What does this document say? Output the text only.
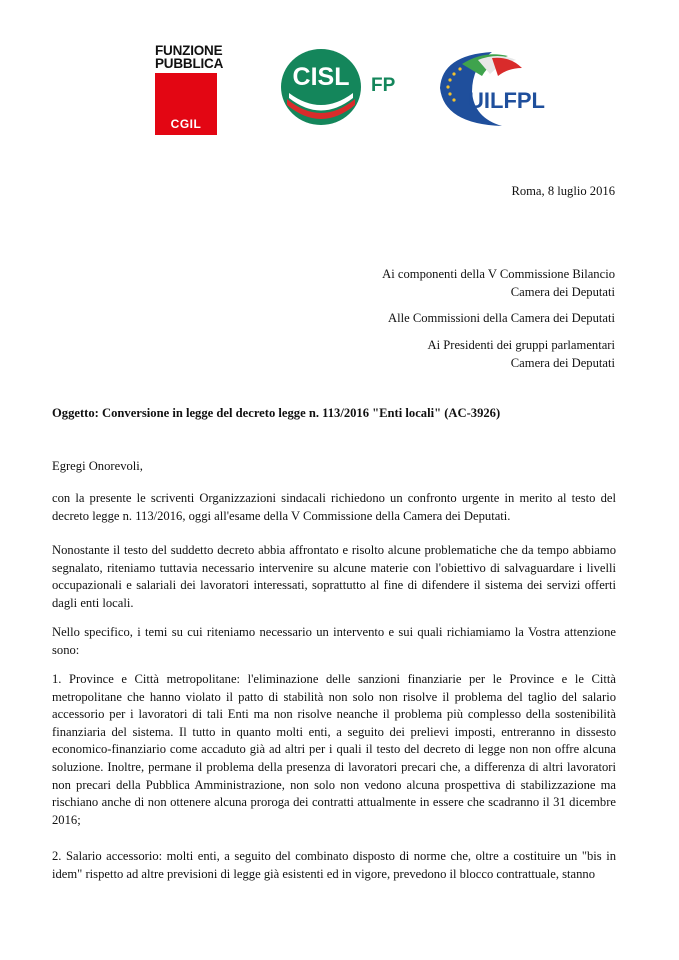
FUNZIONE
PUBBLICA
CGIL
CISL FP
UILFPL
Roma, 8 luglio 2016
Ai componenti della V Commissione Bilancio
Camera dei Deputati
Alle Commissioni della Camera dei Deputati
Ai Presidenti dei gruppi parlamentari
Camera dei Deputati
Oggetto: Conversione in legge del decreto legge n. 113/2016 "Enti locali" (AC-3926)
Egregi Onorevoli,
con la presente le scriventi Organizzazioni sindacali richiedono un confronto urgente in merito al testo del decreto legge n. 113/2016, oggi all'esame della V Commissione della Camera dei Deputati.
Nonostante il testo del suddetto decreto abbia affrontato e risolto alcune problematiche che da tempo abbiamo segnalato, riteniamo tuttavia necessario intervenire su alcune materie con l'obiettivo di salvaguardare i livelli occupazionali e salariali dei lavoratori interessati, soprattutto al fine di difendere il sistema dei servizi offerti dagli enti locali.
Nello specifico, i temi su cui riteniamo necessario un intervento e sui quali richiamiamo la Vostra attenzione sono:
1. Province e Città metropolitane: l'eliminazione delle sanzioni finanziarie per le Province e le Città metropolitane che hanno violato il patto di stabilità non solo non risolve il problema del taglio del salario accessorio per i lavoratori di tali Enti ma non risolve neanche il problema più complesso della sostenibilità finanziaria del sistema. Il tutto in quanto molti enti, a seguito dei prelievi imposti, entreranno in dissesto economico-finanziario come accaduto già ad altri per i quali il testo del decreto di legge non non offre alcuna soluzione. Inoltre, permane il problema della presenza di lavoratori precari che, a differenza di altri lavoratori non precari della Pubblica Amministrazione, non solo non vedono alcuna prospettiva di stabilizzazione ma rischiano anche di non ottenere alcuna proroga dei contratti attualmente in essere che scadranno il 31 dicembre 2016;
2. Salario accessorio: molti enti, a seguito del combinato disposto di norme che, oltre a costituire un "bis in idem" rispetto ad altre previsioni di legge già esistenti ed in vigore, prevedono il blocco contrattuale, stanno
